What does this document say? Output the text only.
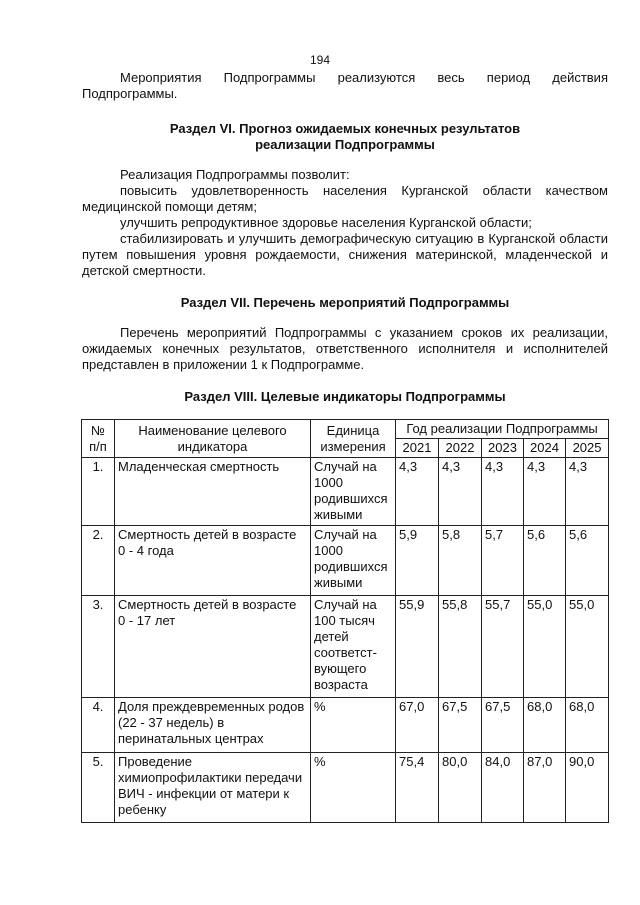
194
Мероприятия Подпрограммы реализуются весь период действия
Подпрограммы.
Раздел VI. Прогноз ожидаемых конечных результатов
реализации Подпрограммы
Реализация Подпрограммы позволит:
повысить удовлетворенность населения Курганской области качеством медицинской помощи детям;
улучшить репродуктивное здоровье населения Курганской области;
стабилизировать и улучшить демографическую ситуацию в Курганской области путем повышения уровня рождаемости, снижения материнской, младенческой и детской смертности.
Раздел VII. Перечень мероприятий Подпрограммы
Перечень мероприятий Подпрограммы с указанием сроков их реализации, ожидаемых конечных результатов, ответственного исполнителя и исполнителей представлен в приложении 1 к Подпрограмме.
Раздел VIII. Целевые индикаторы Подпрограммы
№ п/п	Наименование целевого индикатора	Единица измерения	Год реализации Подпрограммы				
			2021	2022	2023	2024	2025
1.	Младенческая смертность	Случай на 1000 родившихся живыми	4,3	4,3	4,3	4,3	4,3
2.	Смертность детей в возрасте 0 - 4 года	Случай на 1000 родившихся живыми	5,9	5,8	5,7	5,6	5,6
3.	Смертность детей в возрасте 0 - 17 лет	Случай на 100 тысяч детей соответст-вующего возраста	55,9	55,8	55,7	55,0	55,0
4.	Доля преждевременных родов (22 - 37 недель) в перинатальных центрах	%	67,0	67,5	67,5	68,0	68,0
5.	Проведение химиопрофилактики передачи ВИЧ - инфекции от матери к ребенку	%	75,4	80,0	84,0	87,0	90,0
